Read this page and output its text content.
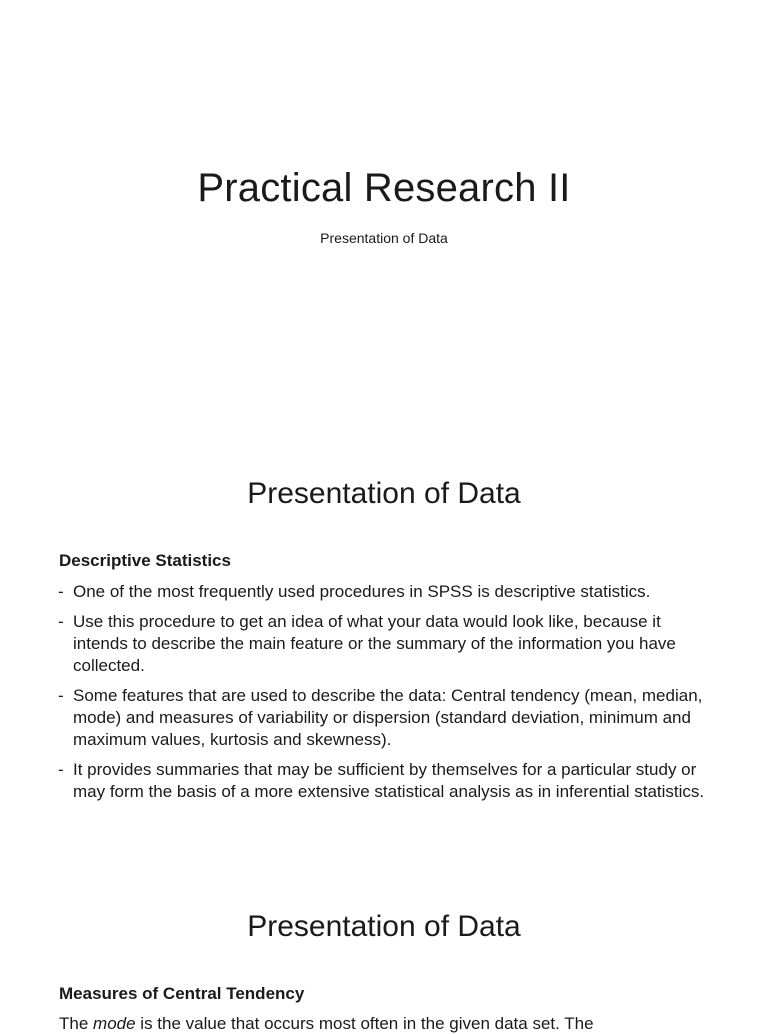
Practical Research II
Presentation of Data
Presentation of Data
Descriptive Statistics
- One of the most frequently used procedures in SPSS is descriptive statistics.
- Use this procedure to get an idea of what your data would look like, because it intends to describe the main feature or the summary of the information you have collected.
- Some features that are used to describe the data: Central tendency (mean, median, mode) and measures of variability or dispersion (standard deviation, minimum and maximum values, kurtosis and skewness).
- It provides summaries that may be sufficient by themselves for a particular study or may form the basis of a more extensive statistical analysis as in inferential statistics.
Presentation of Data
Measures of Central Tendency
The mode is the value that occurs most often in the given data set. The
